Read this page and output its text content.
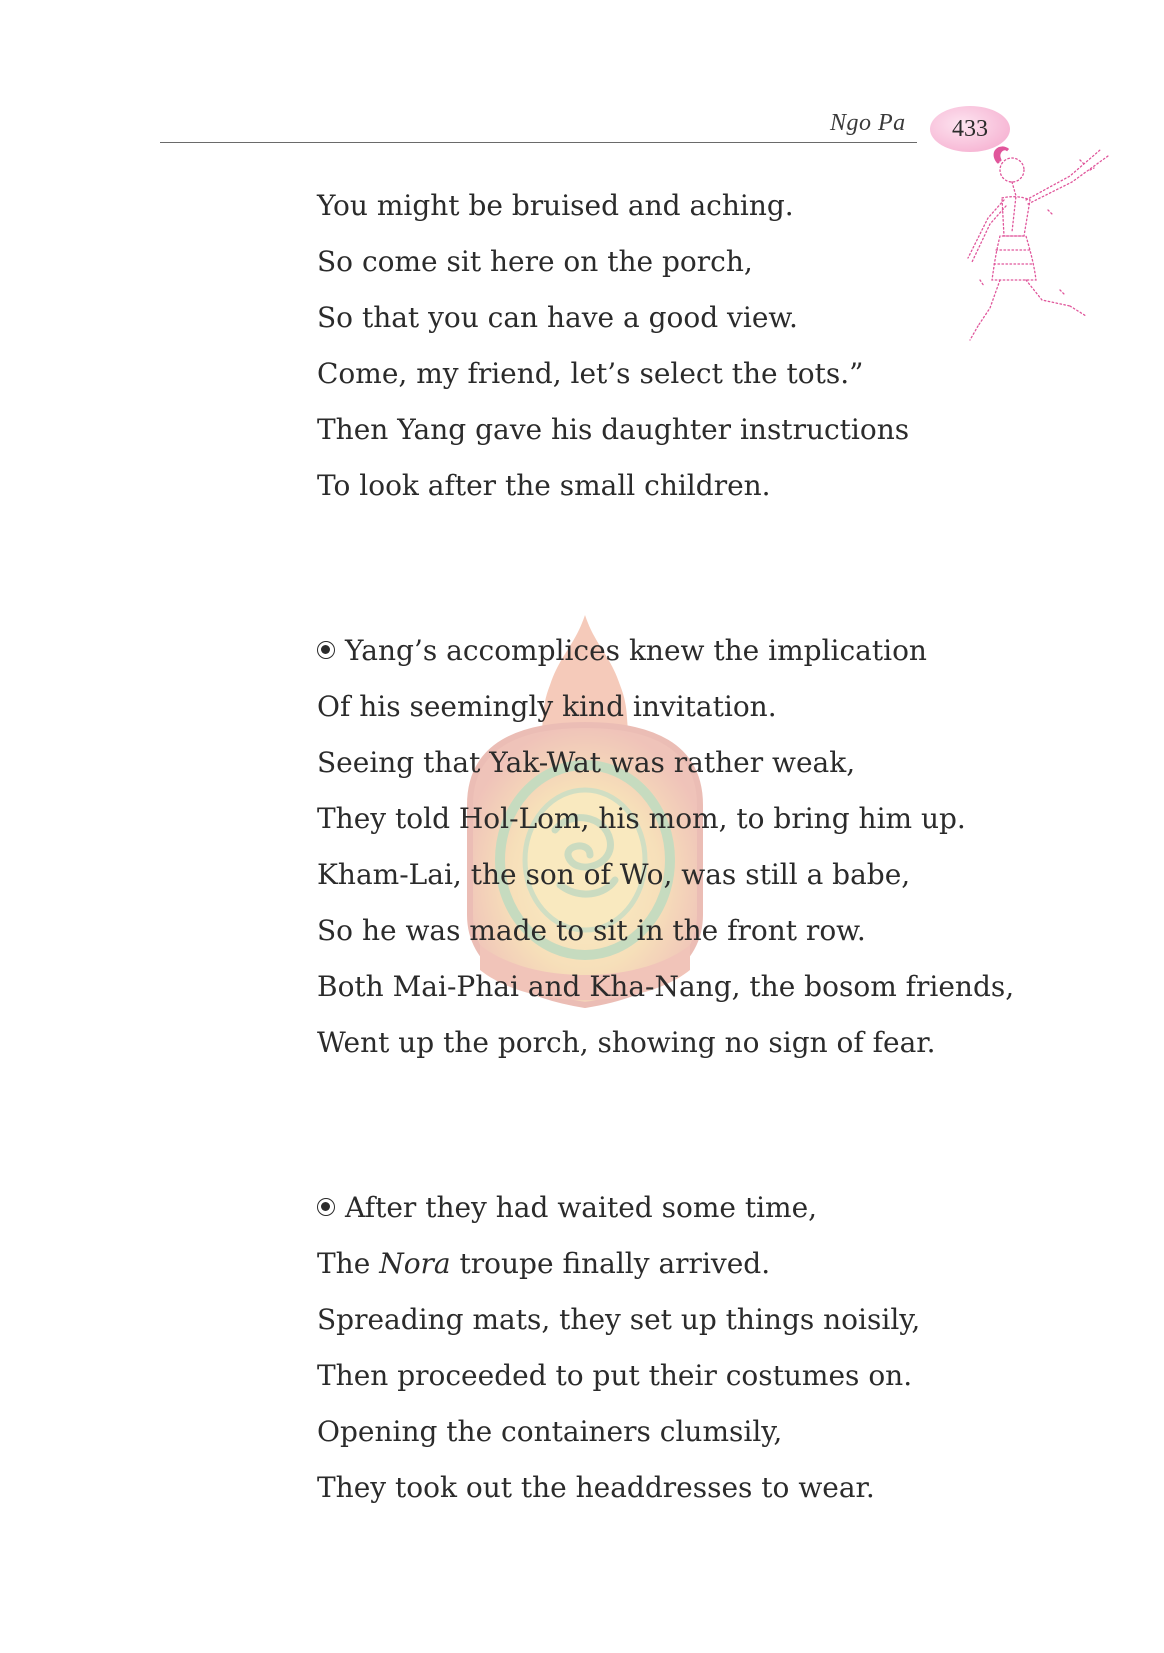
Ngo Pa 433
You might be bruised and aching.
So come sit here on the porch,
So that you can have a good view.
Come, my friend, let’s select the tots.”
Then Yang gave his daughter instructions
To look after the small children.
Yang’s accomplices knew the implication
Of his seemingly kind invitation.
Seeing that Yak-Wat was rather weak,
They told Hol-Lom, his mom, to bring him up.
Kham-Lai, the son of Wo, was still a babe,
So he was made to sit in the front row.
Both Mai-Phai and Kha-Nang, the bosom friends,
Went up the porch, showing no sign of fear.
After they had waited some time,
The Nora troupe finally arrived.
Spreading mats, they set up things noisily,
Then proceeded to put their costumes on.
Opening the containers clumsily,
They took out the headdresses to wear.
